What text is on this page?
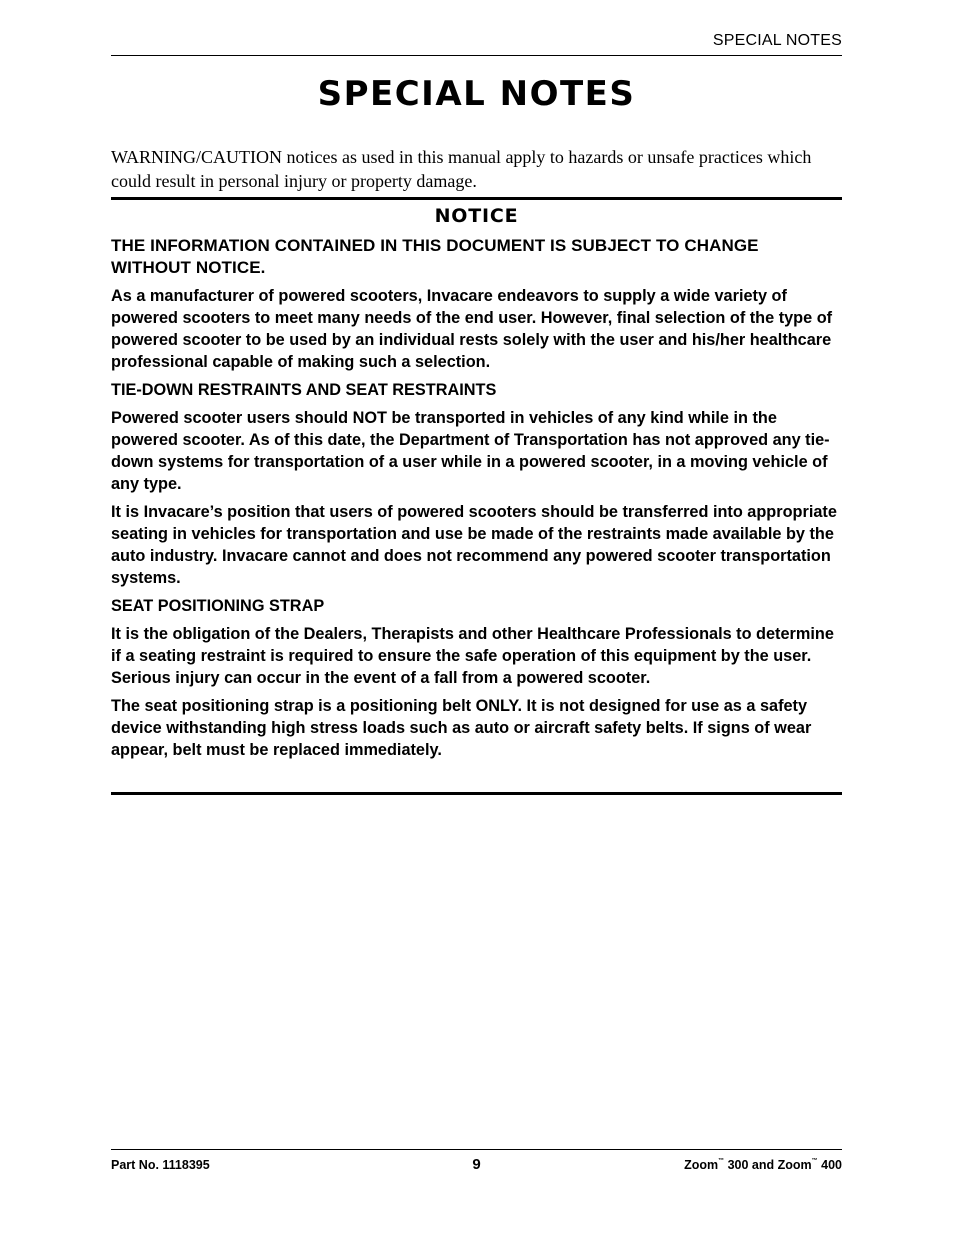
SPECIAL NOTES
SPECIAL NOTES

WARNING/CAUTION notices as used in this manual apply to hazards or unsafe practices which could result in personal injury or property damage.

NOTICE

THE INFORMATION CONTAINED IN THIS DOCUMENT IS SUBJECT TO CHANGE WITHOUT NOTICE.

As a manufacturer of powered scooters, Invacare endeavors to supply a wide variety of powered scooters to meet many needs of the end user. However, final selection of the type of powered scooter to be used by an individual rests solely with the user and his/her healthcare professional capable of making such a selection.

TIE-DOWN RESTRAINTS AND SEAT RESTRAINTS

Powered scooter users should NOT be transported in vehicles of any kind while in the powered scooter. As of this date, the Department of Transportation has not approved any tie-down systems for transportation of a user while in a powered scooter, in a moving vehicle of any type.

It is Invacare’s position that users of powered scooters should be transferred into appropriate seating in vehicles for transportation and use be made of the restraints made available by the auto industry. Invacare cannot and does not recommend any powered scooter transportation systems.

SEAT POSITIONING STRAP

It is the obligation of the Dealers, Therapists and other Healthcare Professionals to determine if a seating restraint is required to ensure the safe operation of this equipment by the user. Serious injury can occur in the event of a fall from a powered scooter.

The seat positioning strap is a positioning belt ONLY. It is not designed for use as a safety device withstanding high stress loads such as auto or aircraft safety belts. If signs of wear appear, belt must be replaced immediately.

Part No. 1118395	9	Zoom™ 300 and Zoom™ 400
